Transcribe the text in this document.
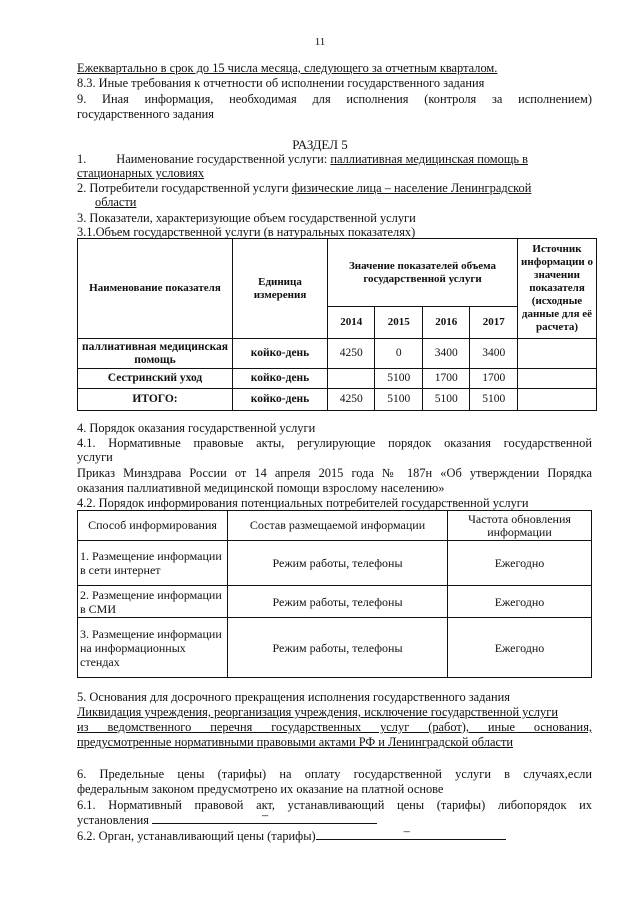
11
Ежеквартально в срок до 15 числа месяца, следующего за отчетным кварталом.
8.3. Иные требования к отчетности об исполнении государственного задания
9. Иная информация, необходимая для исполнения (контроля за исполнением)
государственного задания
РАЗДЕЛ 5
1. Наименование государственной услуги: паллиативная медицинская помощь в
стационарных условиях
2. Потребители государственной услуги физические лица – население Ленинградской
области
3. Показатели, характеризующие объем государственной услуги
3.1.Объем государственной услуги (в натуральных показателях)
Наименование показателя	Единица измерения	Значение показателей объема государственной услуги				Источник информации о значении показателя (исходные данные для её расчета)
		2014	2015	2016	2017	
паллиативная медицинская помощь	койко-день	4250	0	3400	3400	
Сестринский уход	койко-день		5100	1700	1700	
ИТОГО:	койко-день	4250	5100	5100	5100	
4. Порядок оказания государственной услуги
4.1. Нормативные правовые акты, регулирующие порядок оказания государственной
услуги
Приказ Минздрава России от 14 апреля 2015 года № 187н «Об утверждении Порядка
оказания паллиативной медицинской помощи взрослому населению»
4.2. Порядок информирования потенциальных потребителей государственной услуги
Способ информирования	Состав размещаемой информации	Частота обновления информации
1. Размещение информации в сети интернет	Режим работы, телефоны	Ежегодно
2. Размещение информации в СМИ	Режим работы, телефоны	Ежегодно
3. Размещение информации на информационных стендах	Режим работы, телефоны	Ежегодно
5. Основания для досрочного прекращения исполнения государственного задания
Ликвидация учреждения, реорганизация учреждения, исключение государственной услуги
из ведомственного перечня государственных услуг (работ), иные основания,
предусмотренные нормативными правовыми актами РФ и Ленинградской области
6. Предельные цены (тарифы) на оплату государственной услуги в случаях,если
федеральным законом предусмотрено их оказание на платной основе
6.1. Нормативный правовой акт, устанавливающий цены (тарифы) либопорядок их
установления	–
6.2. Орган, устанавливающий цены (тарифы)	–
